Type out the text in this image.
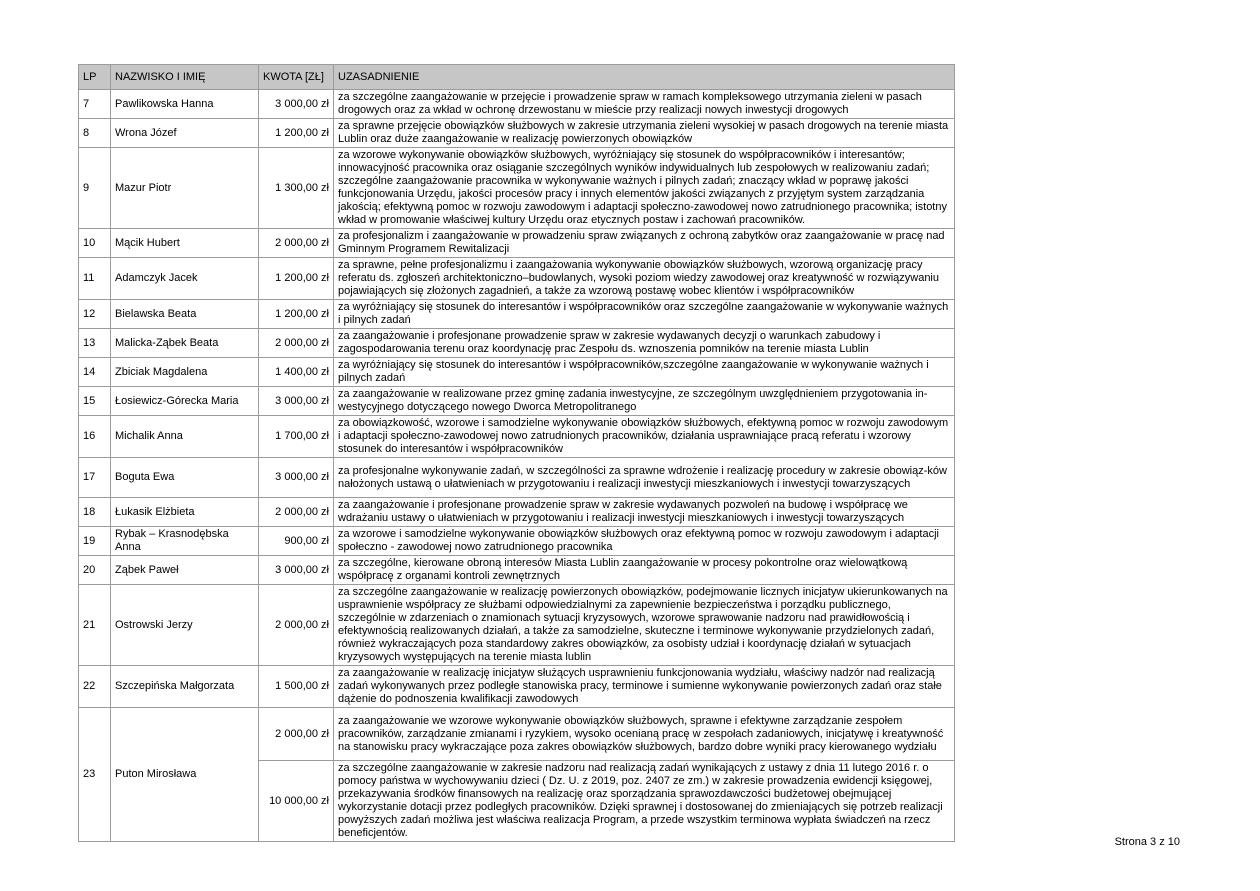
LP	NAZWISKO I IMIĘ	KWOTA [ZŁ]	UZASADNIENIE
7	Pawlikowska Hanna	3 000,00 zł	za szczególne zaangażowanie w przejęcie i prowadzenie spraw w ramach kompleksowego utrzymania zieleni w pasach drogowych oraz za wkład w ochronę drzewostanu w mieście przy realizacji nowych inwestycji drogowych
8	Wrona Józef	1 200,00 zł	za sprawne przejęcie obowiązków służbowych w zakresie utrzymania zieleni wysokiej w pasach drogowych na terenie miasta Lublin oraz duże zaangażowanie w realizację powierzonych obowiązków
9	Mazur Piotr	1 300,00 zł	za wzorowe wykonywanie obowiązków służbowych, wyróżniający się stosunek do współpracowników i interesantów; innowacyjność pracownika oraz osiąganie szczególnych wyników indywidualnych lub zespołowych w realizowaniu zadań; szczególne zaangażowanie pracownika w wykonywanie ważnych i pilnych zadań; znaczący wkład w poprawę jakości funkcjonowania Urzędu, jakości procesów pracy i innych elementów jakości związanych z przyjętym system zarządzania jakością; efektywną pomoc w rozwoju zawodowym i adaptacji społeczno-zawodowej nowo zatrudnionego pracownika; istotny wkład w promowanie właściwej kultury Urzędu oraz etycznych postaw i zachowań pracowników.
10	Mącik Hubert	2 000,00 zł	za profesjonalizm i zaangażowanie w prowadzeniu spraw związanych z ochroną zabytków oraz zaangażowanie w pracę nad Gminnym Programem Rewitalizacji
11	Adamczyk Jacek	1 200,00 zł	za sprawne, pełne profesjonalizmu i zaangażowania wykonywanie obowiązków służbowych, wzorową organizację pracy referatu ds. zgłoszeń architektoniczno–budowlanych, wysoki poziom wiedzy zawodowej oraz kreatywność w rozwiązywaniu pojawiających się złożonych zagadnień, a także za wzorową postawę wobec klientów i współpracowników
12	Bielawska Beata	1 200,00 zł	za wyróżniający się stosunek do interesantów i współpracowników oraz szczególne zaangażowanie w wykonywanie ważnych i pilnych zadań
13	Malicka-Ząbek Beata	2 000,00 zł	za zaangażowanie i profesjonane prowadzenie spraw w zakresie wydawanych decyzji o warunkach zabudowy i zagospodarowania terenu oraz koordynację prac Zespołu ds. wznoszenia pomników na terenie miasta Lublin
14	Zbiciak Magdalena	1 400,00 zł	za wyróżniający się stosunek do interesantów i współpracowników,szczególne zaangażowanie w wykonywanie ważnych i pilnych zadań
15	Łosiewicz-Górecka Maria	3 000,00 zł	za zaangażowanie w realizowane przez gminę zadania inwestycyjne, ze szczególnym uwzględnieniem przygotowania in-westycyjnego dotyczącego nowego Dworca Metropolitranego
16	Michalik Anna	1 700,00 zł	za obowiązkowość, wzorowe i samodzielne wykonywanie obowiązków służbowych, efektywną pomoc w rozwoju zawodowym i adaptacji społeczno-zawodowej nowo zatrudnionych pracowników, działania usprawniające pracą referatu i wzorowy stosunek do interesantów i współpracowników
17	Boguta Ewa	3 000,00 zł	za profesjonalne wykonywanie zadań, w szczególności za sprawne wdrożenie i realizację procedury w zakresie obowiąz-ków nałożonych ustawą o ułatwieniach w przygotowaniu i realizacji inwestycji mieszkaniowych i inwestycji towarzyszących
18	Łukasik Elżbieta	2 000,00 zł	za zaangażowanie i profesjonane prowadzenie spraw w zakresie wydawanych pozwoleń na budowę i współpracę we wdrażaniu ustawy o ułatwieniach w przygotowaniu i realizacji inwestycji mieszkaniowych i inwestycji towarzyszących
19	Rybak – Krasnodębska Anna	900,00 zł	za wzorowe i samodzielne wykonywanie obowiązków służbowych oraz efektywną pomoc w rozwoju zawodowym i adaptacji społeczno - zawodowej nowo zatrudnionego pracownika
20	Ząbek Paweł	3 000,00 zł	za szczególne, kierowane obroną interesów Miasta Lublin zaangażowanie w procesy pokontrolne oraz wielowątkową współpracę z organami kontroli zewnętrznych
21	Ostrowski Jerzy	2 000,00 zł	za szczególne zaangażowanie w realizację powierzonych obowiązków, podejmowanie licznych inicjatyw ukierunkowanych na usprawnienie współpracy ze służbami odpowiedzialnymi za zapewnienie bezpieczeństwa i porządku publicznego, szczególnie w zdarzeniach o znamionach sytuacji kryzysowych, wzorowe sprawowanie nadzoru nad prawidłowością i efektywnością realizowanych działań, a także za samodzielne, skuteczne i terminowe wykonywanie przydzielonych zadań, również wykraczających poza standardowy zakres obowiązków, za osobisty udział i koordynację działań w sytuacjach kryzysowych występujących na terenie miasta lublin
22	Szczepińska Małgorzata	1 500,00 zł	za zaangażowanie w realizację inicjatyw służących usprawnieniu funkcjonowania wydziału, właściwy nadzór nad realizacją zadań wykonywanych przez podległe stanowiska pracy, terminowe i sumienne wykonywanie powierzonych zadań oraz stałe dążenie do podnoszenia kwalifikacji zawodowych
23	Puton Mirosława	2 000,00 zł	za zaangażowanie we wzorowe wykonywanie obowiązków służbowych, sprawne i efektywne zarządzanie zespołem pracowników, zarządzanie zmianami i ryzykiem, wysoko ocenianą pracę w zespołach zadaniowych, inicjatywę i kreatywność na stanowisku pracy wykraczające poza zakres obowiązków służbowych, bardzo dobre wyniki pracy kierowanego wydziału
		10 000,00 zł	za szczególne zaangażowanie w zakresie nadzoru nad realizacją zadań wynikających z ustawy z dnia 11 lutego 2016 r. o pomocy państwa w wychowywaniu dzieci ( Dz. U. z 2019, poz. 2407 ze zm.) w zakresie prowadzenia ewidencji księgowej, przekazywania środków finansowych na realizację oraz sporządzania sprawozdawczości budżetowej obejmującej wykorzystanie dotacji przez podległych pracowników. Dzięki sprawnej i dostosowanej do zmieniających się potrzeb realizacji powyższych zadań możliwa jest właściwa realizacja Program, a przede wszystkim terminowa wypłata świadczeń na rzecz beneficjentów.
Strona 3 z 10
